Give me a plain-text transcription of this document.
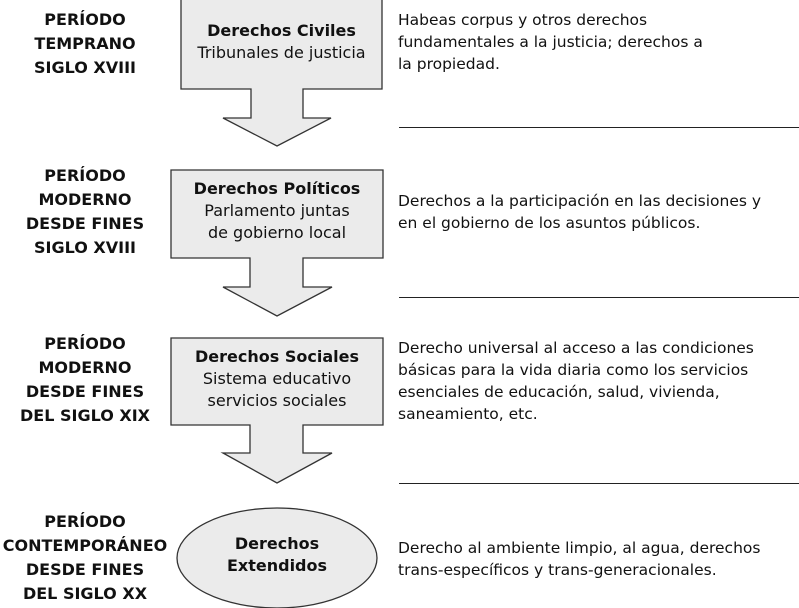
PERÍODO
TEMPRANO
SIGLO XVIII
PERÍODO
MODERNO
DESDE FINES
SIGLO XVIII
PERÍODO
MODERNO
DESDE FINES
DEL SIGLO XIX
PERÍODO
CONTEMPORÁNEO
DESDE FINES
DEL SIGLO XX
Derechos Civiles
Tribunales de justicia
Derechos Políticos
Parlamento juntas
de gobierno local
Derechos Sociales
Sistema educativo
servicios sociales
Derechos
Extendidos
Habeas corpus y otros derechos
fundamentales a la justicia; derechos a
la propiedad.
Derechos a la participación en las decisiones y
en el gobierno de los asuntos públicos.
Derecho universal al acceso a las condiciones
básicas para la vida diaria como los servicios
esenciales de educación, salud, vivienda,
saneamiento, etc.
Derecho al ambiente limpio, al agua, derechos
trans-específicos y trans-generacionales.
